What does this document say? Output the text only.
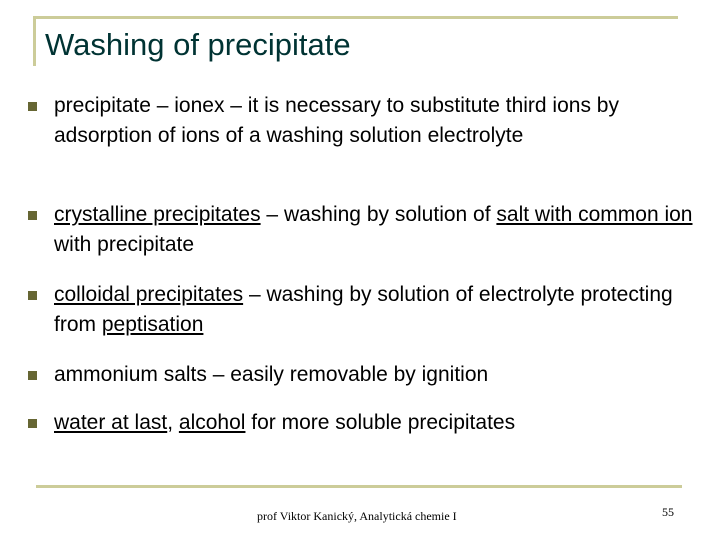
Washing of precipitate
precipitate – ionex – it is necessary to substitute third ions by adsorption of ions of a washing solution electrolyte
crystalline precipitates – washing by solution of salt with common ion with precipitate
colloidal precipitates – washing by solution of electrolyte protecting from peptisation
ammonium salts – easily removable by ignition
water at last, alcohol for more soluble precipitates
prof Viktor Kanický, Analytická chemie I	55
